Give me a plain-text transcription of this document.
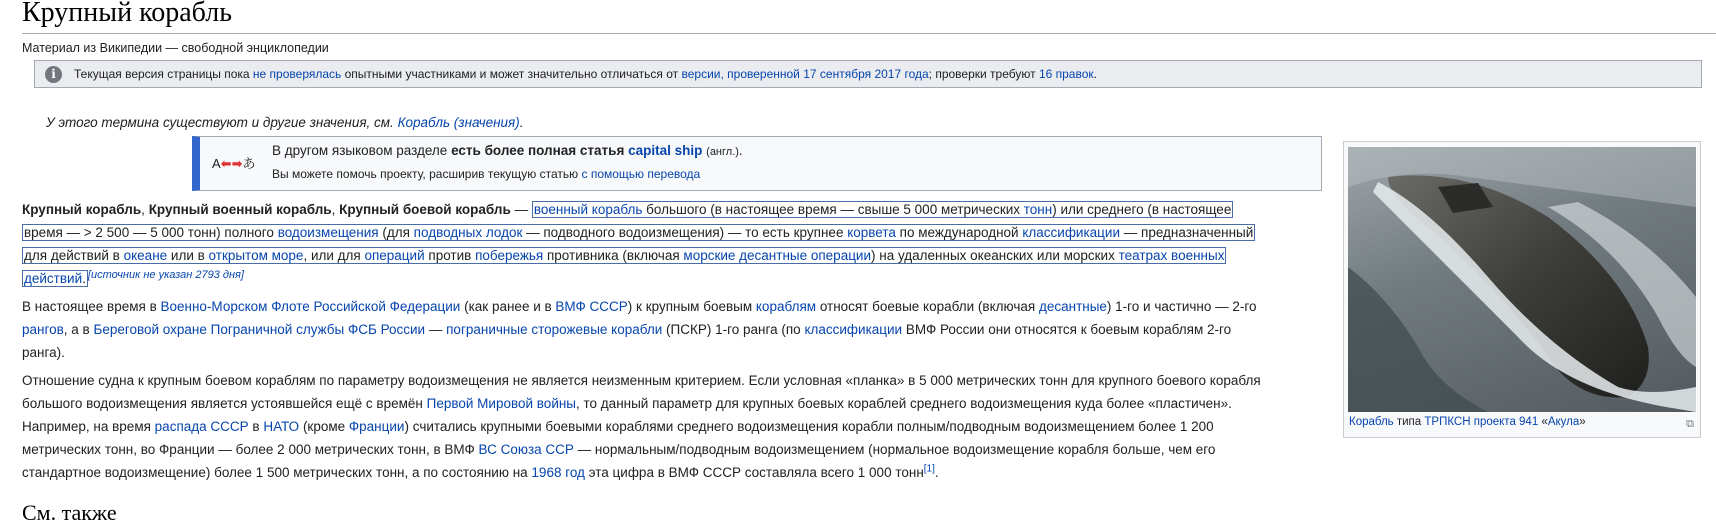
Крупный корабль
Материал из Википедии — свободной энциклопедии
i	Текущая версия страницы пока не проверялась опытными участниками и может значительно отличаться от версии, проверенной 17 сентября 2017 года; проверки требуют 16 правок.
У этого термина существуют и другие значения, см. Корабль (значения).
A⬅➡あ
В другом языковом разделе есть более полная статья capital ship (англ.).
Вы можете помочь проекту, расширив текущую статью с помощью перевода
Крупный корабль, Крупный военный корабль, Крупный боевой корабль — военный корабль большого (в настоящее время — свыше 5 000 метрических тонн) или среднего (в настоящее
время — > 2 500 — 5 000 тонн) полного водоизмещения (для подводных лодок — подводного водоизмещения) — то есть крупнее корвета по международной классификации — предназначенный
для действий в океане или в открытом море, или для операций против побережья противника (включая морские десантные операции) на удаленных океанских или морских театрах военных
действий. [источник не указан 2793 дня]
В настоящее время в Военно-Морском Флоте Российской Федерации (как ранее и в ВМФ СССР) к крупным боевым кораблям относят боевые корабли (включая десантные) 1-го и частично — 2-го
рангов, а в Береговой охране Пограничной службы ФСБ России — пограничные сторожевые корабли (ПСКР) 1-го ранга (по классификации ВМФ России они относятся к боевым кораблям 2-го
ранга).
Отношение судна к крупным боевом кораблям по параметру водоизмещения не является неизменным критерием. Если условная «планка» в 5 000 метрических тонн для крупного боевого корабля
большого водоизмещения является устоявшейся ещё с времён Первой Мировой войны, то данный параметр для крупных боевых кораблей среднего водоизмещения куда более «пластичен».
Например, на время распада СССР в НАТО (кроме Франции) считались крупными боевыми кораблями среднего водоизмещения корабли полным/подводным водоизмещением более 1 200
метрических тонн, во Франции — более 2 000 метрических тонн, в ВМФ ВС Союза ССР — нормальным/подводным водоизмещением (нормальное водоизмещение корабля больше, чем его
стандартное водоизмещение) более 1 500 метрических тонн, а по состоянию на 1968 год эта цифра в ВМФ СССР составляла всего 1 000 тонн[1].
Корабль типа ТРПКСН проекта 941 «Акула»	⧉
См. также
